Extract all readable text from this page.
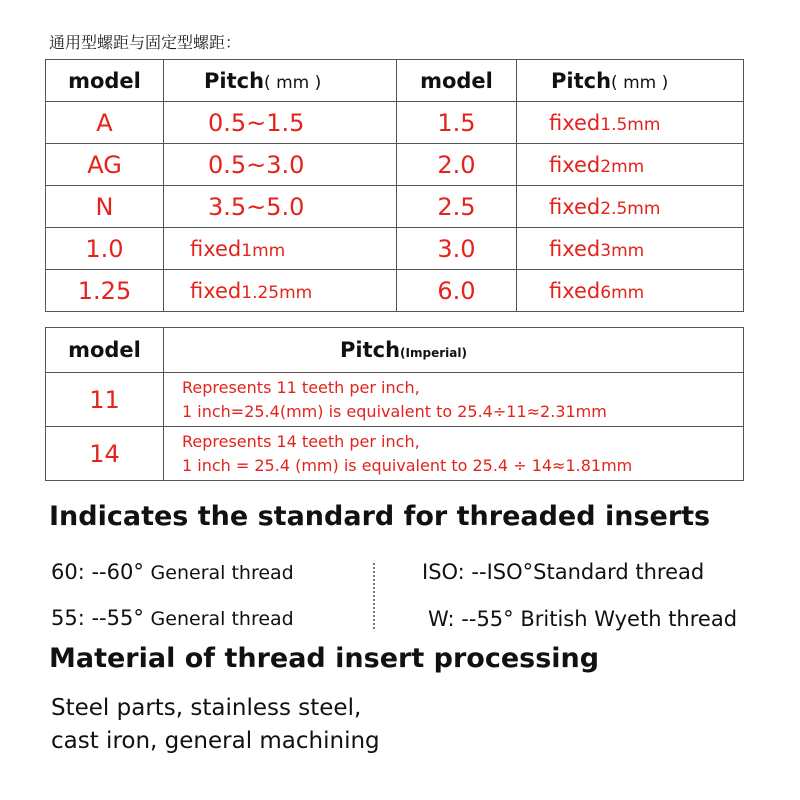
通用型螺距与固定型螺距：
model	Pitch( mm )	model	Pitch( mm )
A	0.5~1.5	1.5	fixed1.5mm
AG	0.5~3.0	2.0	fixed2mm
N	3.5~5.0	2.5	fixed2.5mm
1.0	fixed1mm	3.0	fixed3mm
1.25	fixed1.25mm	6.0	fixed6mm
model	Pitch(Imperial)
11	Represents 11 teeth per inch,
1 inch=25.4(mm) is equivalent to 25.4÷11≈2.31mm

14	Represents 14 teeth per inch,
1 inch = 25.4 (mm) is equivalent to 25.4 ÷ 14≈1.81mm
Indicates the standard for threaded inserts
60: --60° General thread	ISO: --ISO°Standard thread
55: --55° General thread	W: --55° British Wyeth thread
Material of thread insert processing
Steel parts, stainless steel,
cast iron, general machining
